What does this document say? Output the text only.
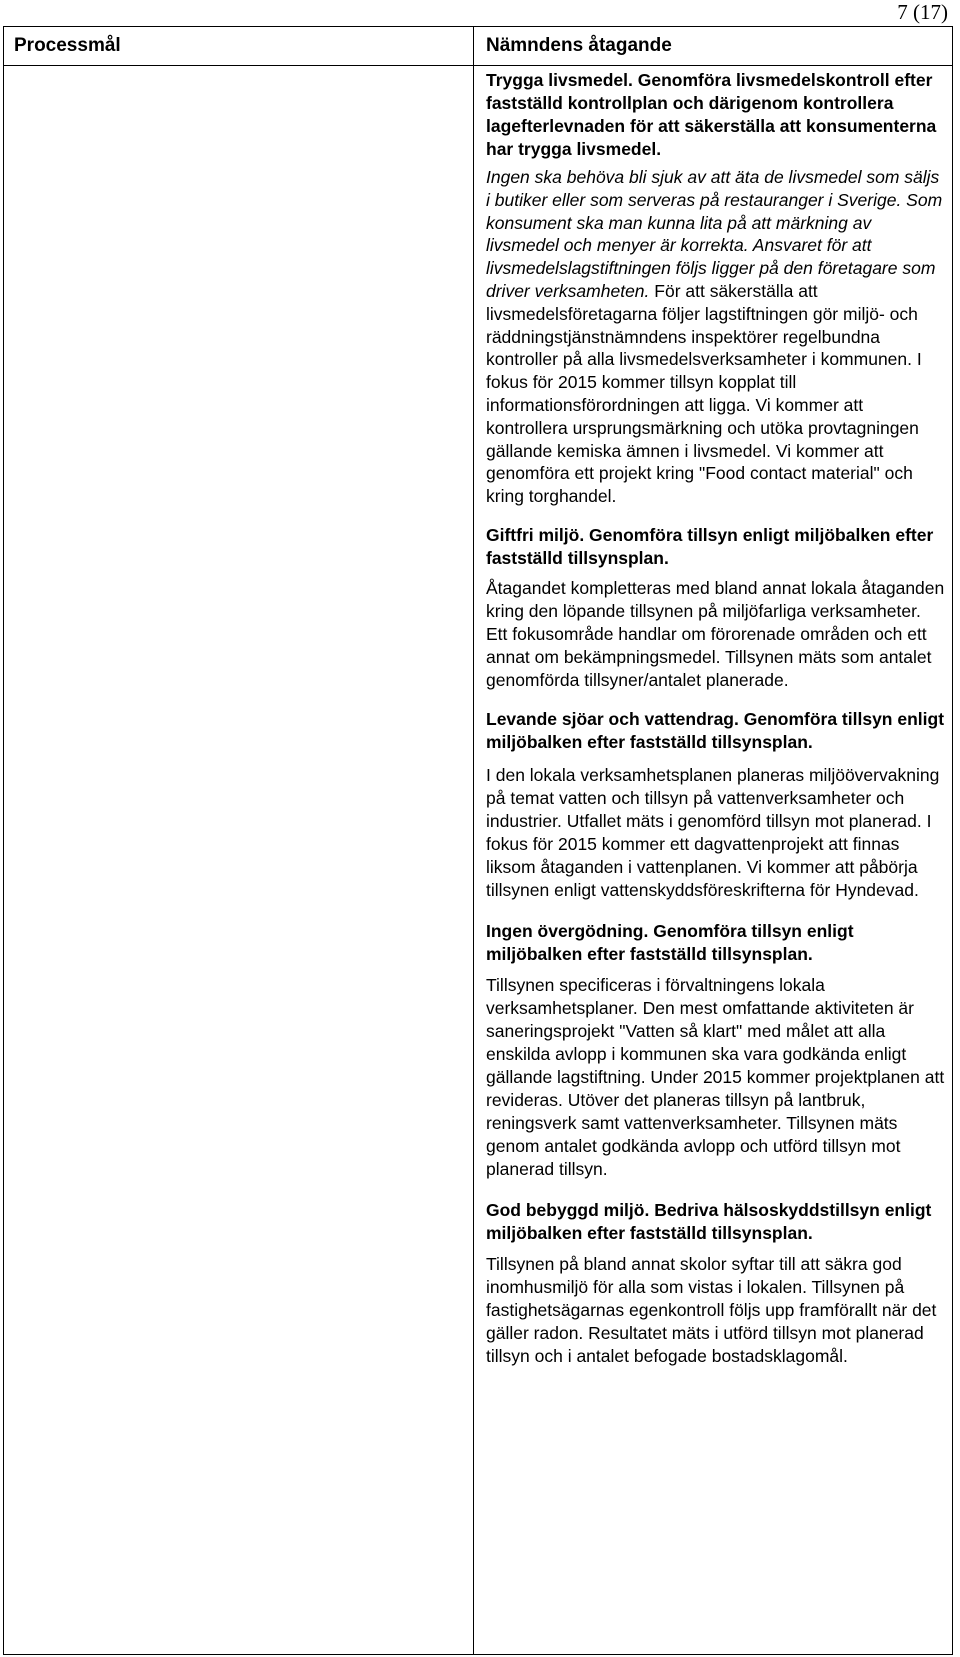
7 (17)
Processmål	Nämndens åtagande

Trygga livsmedel. Genomföra livsmedelskontroll efter fastställd kontrollplan och därigenom kontrollera lagefterlevnaden för att säkerställa att konsumenterna har trygga livsmedel.

Ingen ska behöva bli sjuk av att äta de livsmedel som säljs i butiker eller som serveras på restauranger i Sverige. Som konsument ska man kunna lita på att märkning av livsmedel och menyer är korrekta. Ansvaret för att livsmedelslagstiftningen följs ligger på den företagare som driver verksamheten. För att säkerställa att livsmedelsföretagarna följer lagstiftningen gör miljö- och räddningstjänstnämndens inspektörer regelbundna kontroller på alla livsmedelsverksamheter i kommunen. I fokus för 2015 kommer tillsyn kopplat till informationsförordningen att ligga. Vi kommer att kontrollera ursprungsmärkning och utöka provtagningen gällande kemiska ämnen i livsmedel. Vi kommer att genomföra ett projekt kring "Food contact material" och kring torghandel.

Giftfri miljö. Genomföra tillsyn enligt miljöbalken efter fastställd tillsynsplan.

Åtagandet kompletteras med bland annat lokala åtaganden kring den löpande tillsynen på miljöfarliga verksamheter. Ett fokusområde handlar om förorenade områden och ett annat om bekämpningsmedel. Tillsynen mäts som antalet genomförda tillsyner/antalet planerade.

Levande sjöar och vattendrag. Genomföra tillsyn enligt miljöbalken efter fastställd tillsynsplan.

I den lokala verksamhetsplanen planeras miljöövervakning på temat vatten och tillsyn på vattenverksamheter och industrier. Utfallet mäts i genomförd tillsyn mot planerad. I fokus för 2015 kommer ett dagvattenprojekt att finnas liksom åtaganden i vattenplanen. Vi kommer att påbörja tillsynen enligt vattenskyddsföreskrifterna för Hyndevad.

Ingen övergödning. Genomföra tillsyn enligt miljöbalken efter fastställd tillsynsplan.

Tillsynen specificeras i förvaltningens lokala verksamhetsplaner. Den mest omfattande aktiviteten är saneringsprojekt "Vatten så klart" med målet att alla enskilda avlopp i kommunen ska vara godkända enligt gällande lagstiftning. Under 2015 kommer projektplanen att revideras. Utöver det planeras tillsyn på lantbruk, reningsverk samt vattenverksamheter. Tillsynen mäts genom antalet godkända avlopp och utförd tillsyn mot planerad tillsyn.

God bebyggd miljö. Bedriva hälsoskyddstillsyn enligt miljöbalken efter fastställd tillsynsplan.

Tillsynen på bland annat skolor syftar till att säkra god inomhusmiljö för alla som vistas i lokalen. Tillsynen på fastighetsägarnas egenkontroll följs upp framförallt när det gäller radon. Resultatet mäts i utförd tillsyn mot planerad tillsyn och i antalet befogade bostadsklagomål.
